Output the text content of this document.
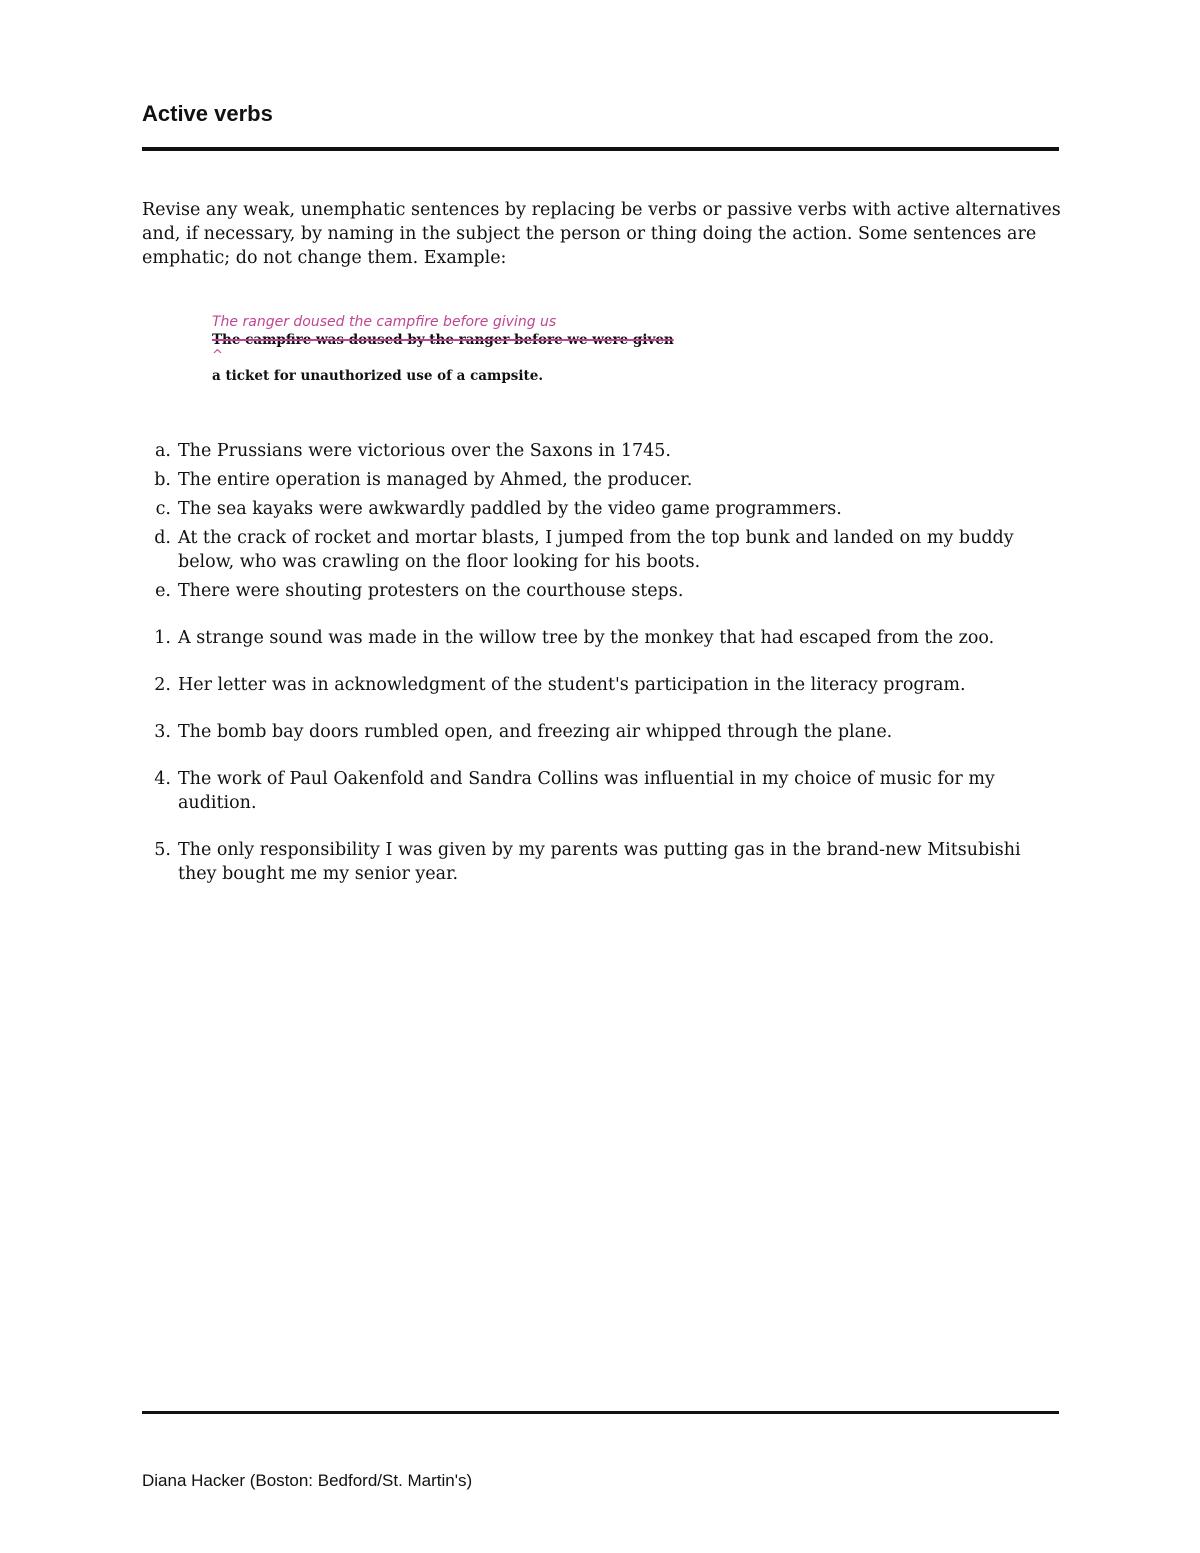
Active verbs

Revise any weak, unemphatic sentences by replacing be verbs or passive verbs with active alternatives and, if necessary, by naming in the subject the person or thing doing the action. Some sentences are emphatic; do not change them. Example:

The ranger doused the campfire before giving us
The campfire was doused by the ranger before we were given
^
a ticket for unauthorized use of a campsite.
a. The Prussians were victorious over the Saxons in 1745.
b. The entire operation is managed by Ahmed, the producer.
c. The sea kayaks were awkwardly paddled by the video game programmers.
d. At the crack of rocket and mortar blasts, I jumped from the top bunk and landed on my buddy below, who was crawling on the floor looking for his boots.
e. There were shouting protesters on the courthouse steps.
1. A strange sound was made in the willow tree by the monkey that had escaped from the zoo.
2. Her letter was in acknowledgment of the student's participation in the literacy program.
3. The bomb bay doors rumbled open, and freezing air whipped through the plane.
4. The work of Paul Oakenfold and Sandra Collins was influential in my choice of music for my audition.
5. The only responsibility I was given by my parents was putting gas in the brand-new Mitsubishi they bought me my senior year.

Diana Hacker (Boston: Bedford/St. Martin's)
